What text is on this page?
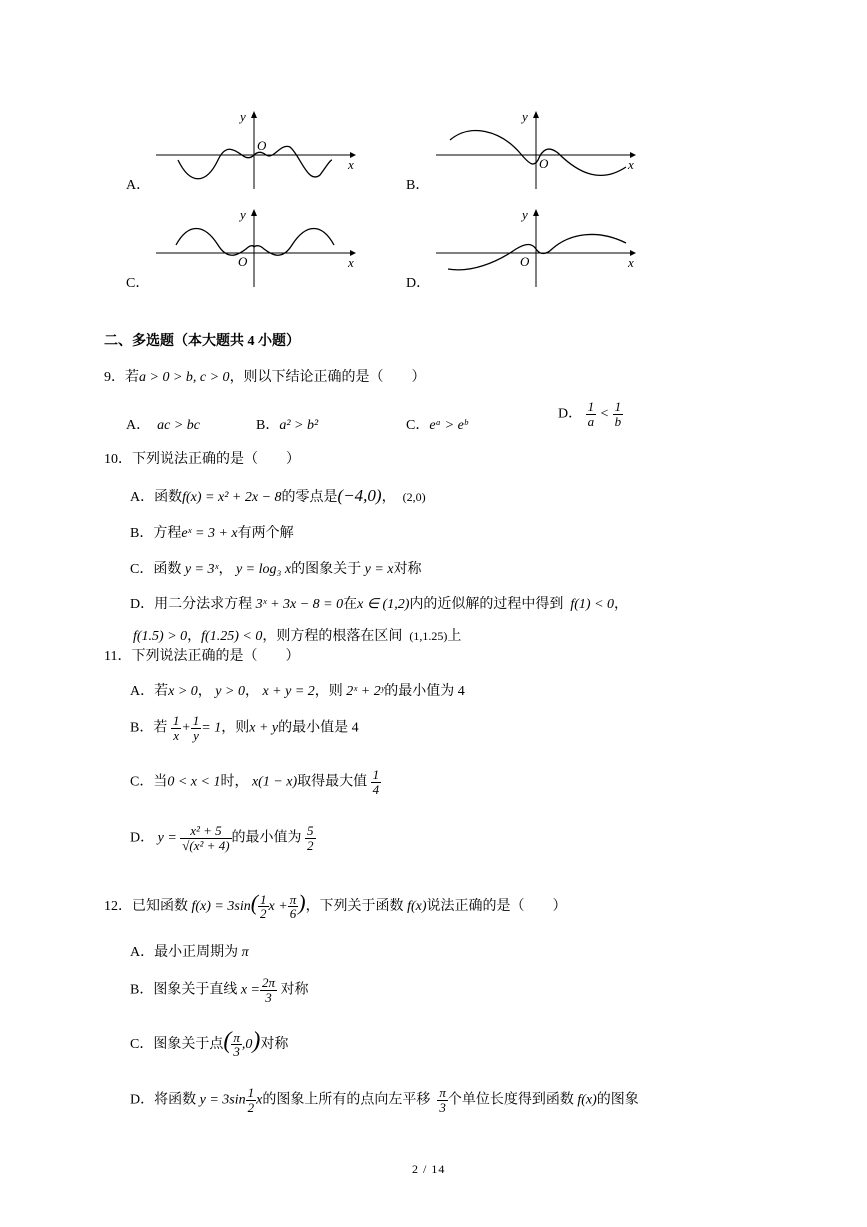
y
O
x
A．
y
O	x
B．
y
O	x
C．
y
O	x
D．
二、多选题（本大题共 4 小题）
9．若a > 0 > b, c > 0，则以下结论正确的是（　　）
A． ac > bc	B．a² > b²	C．eᵃ > eᵇ
D． $\frac{1}{a} < \frac{1}{b}$
10．下列说法正确的是（　　）
A．函数f(x) = x² + 2x − 8的零点是(−4,0)， (2,0)
B．方程eˣ = 3 + x有两个解
C．函数 y = 3ˣ， y = log₃ x的图象关于 y = x对称
D．用二分法求方程 3ˣ + 3x − 8 = 0在x ∈ (1,2)内的近似解的过程中得到 f(1) < 0，
f(1.5) > 0，f(1.25) < 0，则方程的根落在区间 (1,1.25)上
11．下列说法正确的是（　　）
A．若x > 0， y > 0， x + y = 2，则 2ˣ + 2ʸ的最小值为 4
B．若 $\frac{1}{x} + \frac{1}{y} = 1$，则x + y的最小值是 4
C．当0 < x < 1时， x(1 − x)取得最大值 $\frac{1}{4}$
D． $y = \frac{\text{x² + 5}}{\text{√(x² + 4)}}$ 的最小值为 $\frac{5}{2}$
12．已知函数 $f(x) = 3\sin( \frac{1}{2}$ $x + \frac{\pi}{6}$ )，下列关于函数 f(x)说法正确的是（　　）
A．最小正周期为 π
B．图象关于直线 $x = \frac{2\pi}{3}$ 对称
C．图象关于点( $\frac{\pi}{3} ,0$)对称
D．将函数 $y = 3\sin \frac{1}{2}$ x的图象上所有的点向左平移 $\frac{\pi}{3}$ 个单位长度得到函数 f(x)的图象
2 / 14
